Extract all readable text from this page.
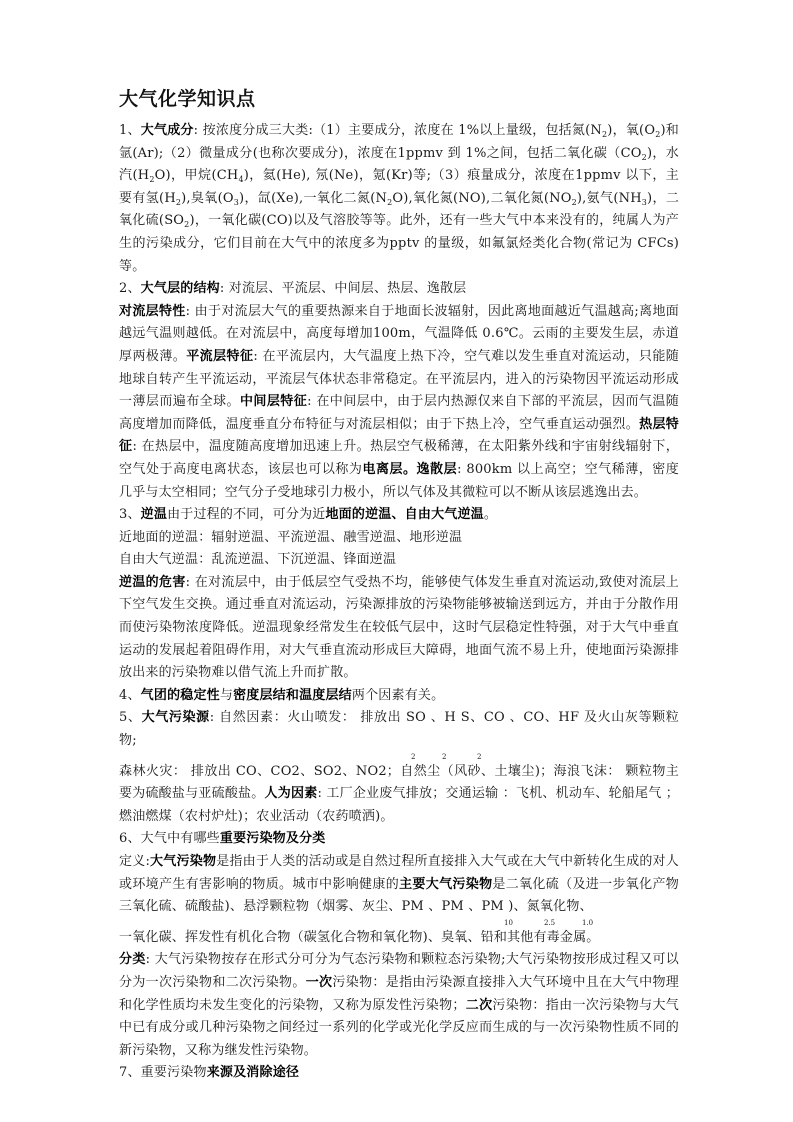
大气化学知识点

1、大气成分: 按浓度分成三大类:（1）主要成分，浓度在 1%以上量级，包括氮$(N_2)$，氧$(O_2)$和氩(Ar);（2）微量成分(也称次要成分)，浓度在1ppmv 到 1%之间，包括二氧化碳$(CO_2)$，水汽$(H_2O)$，甲烷$(CH_4)$，氦(He), 氖(Ne)，氪(Kr)等;（3）痕量成分，浓度在1ppmv 以下，主要有氢$(H_2)$,臭氧$(O_3)$，氙(Xe),一氧化二氮$(N_2O)$,氧化氮(NO),二氧化氮$(NO_2)$,氨气$(NH_3)$，二氧化硫$(SO_2)$，一氧化碳(CO)以及气溶胶等等。此外，还有一些大气中本来没有的，纯属人为产生的污染成分，它们目前在大气中的浓度多为pptv 的量级，如氟氯烃类化合物(常记为 CFCs)等。

2、大气层的结构: 对流层、平流层、中间层、热层、逸散层

对流层特性: 由于对流层大气的重要热源来自于地面长波辐射，因此离地面越近气温越高;离地面越远气温则越低。在对流层中，高度每增加100m，气温降低 0.6℃。云雨的主要发生层，赤道厚两极薄。平流层特征: 在平流层内，大气温度上热下冷，空气难以发生垂直对流运动，只能随地球自转产生平流运动，平流层气体状态非常稳定。在平流层内，进入的污染物因平流运动形成一薄层而遍布全球。中间层特征: 在中间层中，由于层内热源仅来自下部的平流层，因而气温随高度增加而降低，温度垂直分布特征与对流层相似；由于下热上冷，空气垂直运动强烈。热层特征: 在热层中，温度随高度增加迅速上升。热层空气极稀薄，在太阳紫外线和宇宙射线辐射下，空气处于高度电离状态，该层也可以称为电离层。逸散层: 800km 以上高空；空气稀薄，密度几乎与太空相同；空气分子受地球引力极小，所以气体及其微粒可以不断从该层逃逸出去。

3、逆温由于过程的不同，可分为近地面的逆温、自由大气逆温。

近地面的逆温：辐射逆温、平流逆温、融雪逆温、地形逆温

自由大气逆温：乱流逆温、下沉逆温、锋面逆温

逆温的危害: 在对流层中，由于低层空气受热不均，能够使气体发生垂直对流运动,致使对流层上下空气发生交换。通过垂直对流运动，污染源排放的污染物能够被输送到远方，并由于分散作用而使污染物浓度降低。逆温现象经常发生在较低气层中，这时气层稳定性特强，对于大气中垂直运动的发展起着阻碍作用，对大气垂直流动形成巨大障碍，地面气流不易上升，使地面污染源排放出来的污染物难以借气流上升而扩散。

4、气团的稳定性与密度层结和温度层结两个因素有关。

5、大气污染源: 自然因素：火山喷发： 排放出 SO 、H S、CO 、CO、HF 及火山灰等颗粒物;

2	2	2

森林火灾： 排放出 CO、CO2、SO2、NO2；自然尘（风砂、土壤尘)；海浪飞沫： 颗粒物主要为硫酸盐与亚硫酸盐。人为因素: 工厂企业废气排放；交通运输 ：飞机、机动车、轮船尾气 ；燃油燃煤（农村炉灶)；农业活动（农药喷洒)。

6、大气中有哪些重要污染物及分类

定义:大气污染物是指由于人类的活动或是自然过程所直接排入大气或在大气中新转化生成的对人或环境产生有害影响的物质。城市中影响健康的主要大气污染物是二氧化硫（及进一步氧化产物三氧化硫、硫酸盐)、悬浮颗粒物（烟雾、灰尘、PM 、PM 、PM )、氮氧化物、

10	2.5	1.0

一氧化碳、挥发性有机化合物（碳氢化合物和氧化物)、臭氧、铅和其他有毒金属。

分类: 大气污染物按存在形式分可分为气态污染物和颗粒态污染物;大气污染物按形成过程又可以分为一次污染物和二次污染物。一次污染物：是指由污染源直接排入大气环境中且在大气中物理和化学性质均未发生变化的污染物，又称为原发性污染物；二次污染物：指由一次污染物与大气中已有成分或几种污染物之间经过一系列的化学或光化学反应而生成的与一次污染物性质不同的新污染物，又称为继发性污染物。

7、重要污染物来源及消除途径
